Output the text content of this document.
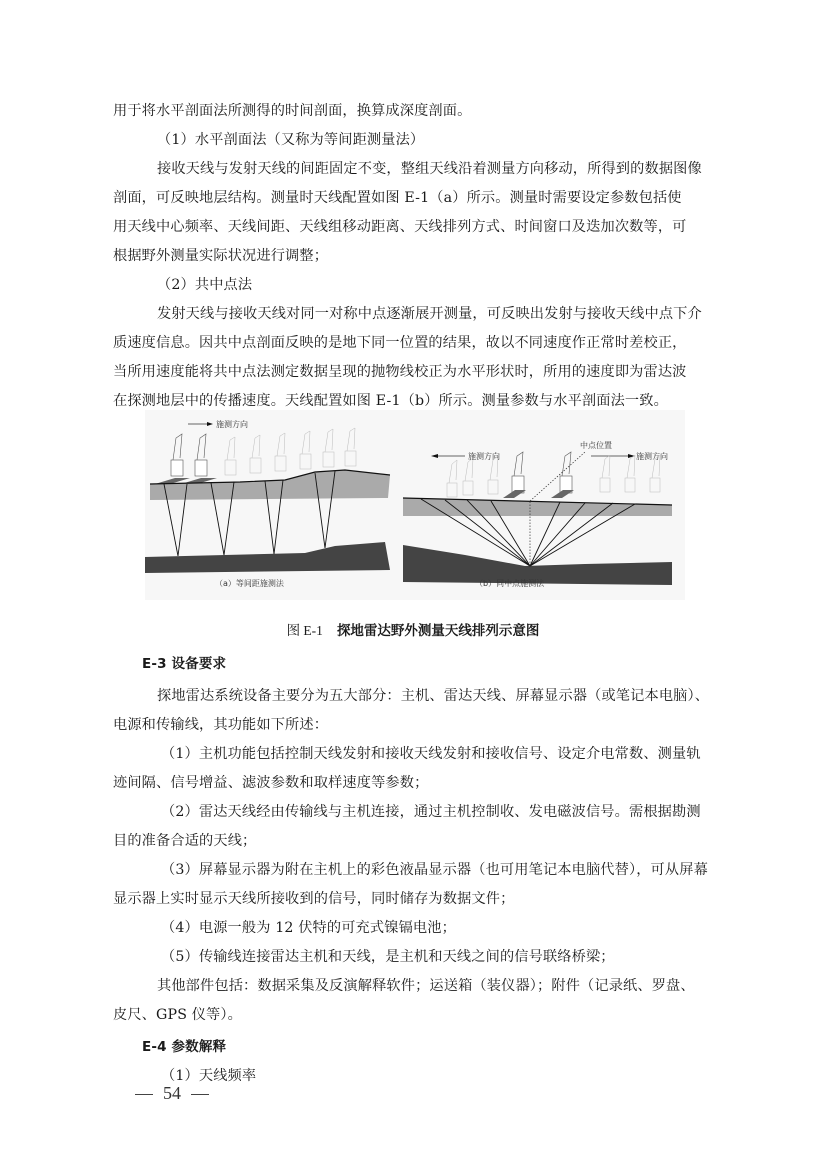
用于将水平剖面法所测得的时间剖面，换算成深度剖面。
（1）水平剖面法（又称为等间距测量法）
接收天线与发射天线的间距固定不变，整组天线沿着测量方向移动，所得到的数据图像
剖面，可反映地层结构。测量时天线配置如图 E-1（a）所示。测量时需要设定参数包括使
用天线中心频率、天线间距、天线组移动距离、天线排列方式、时间窗口及迭加次数等，可
根据野外测量实际状况进行调整；
（2）共中点法
发射天线与接收天线对同一对称中点逐渐展开测量，可反映出发射与接收天线中点下介
质速度信息。因共中点剖面反映的是地下同一位置的结果，故以不同速度作正常时差校正，
当所用速度能将共中点法测定数据呈现的抛物线校正为水平形状时，所用的速度即为雷达波
在探测地层中的传播速度。天线配置如图 E-1（b）所示。测量参数与水平剖面法一致。
施测方向
（a）等间距施测法
施测方向
中点位置
施测方向
（b）同中点施测法
图 E-1 探地雷达野外测量天线排列示意图
E-3 设备要求
探地雷达系统设备主要分为五大部分：主机、雷达天线、屏幕显示器（或笔记本电脑）、
电源和传输线，其功能如下所述：
（1）主机功能包括控制天线发射和接收天线发射和接收信号、设定介电常数、测量轨
迹间隔、信号增益、滤波参数和取样速度等参数；
（2）雷达天线经由传输线与主机连接，通过主机控制收、发电磁波信号。需根据勘测
目的准备合适的天线；
（3）屏幕显示器为附在主机上的彩色液晶显示器（也可用笔记本电脑代替），可从屏幕
显示器上实时显示天线所接收到的信号，同时储存为数据文件；
（4）电源一般为 12 伏特的可充式镍镉电池；
（5）传输线连接雷达主机和天线，是主机和天线之间的信号联络桥梁；
其他部件包括：数据采集及反演解释软件；运送箱（装仪器）；附件（记录纸、罗盘、
皮尺、GPS 仪等）。
E-4 参数解释
（1）天线频率
54
